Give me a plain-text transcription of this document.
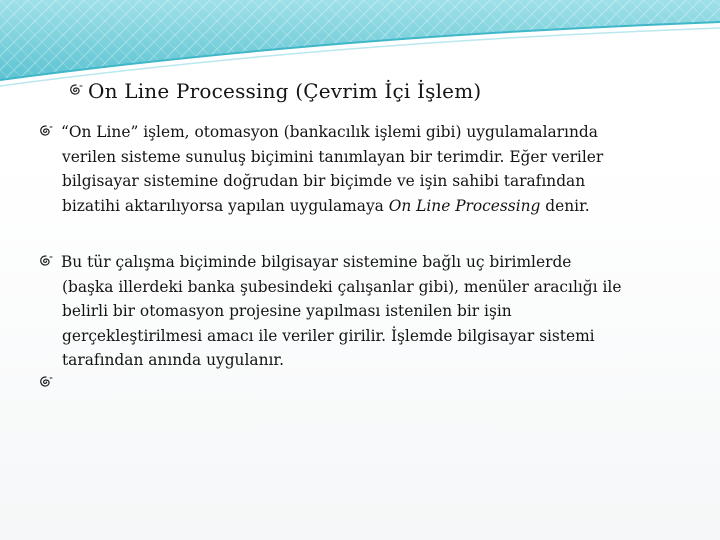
On Line Processing (Çevrim İçi İşlem)
“On Line” işlem, otomasyon (bankacılık işlemi gibi) uygulamalarında
verilen sisteme sunuluş biçimini tanımlayan bir terimdir. Eğer veriler
bilgisayar sistemine doğrudan bir biçimde ve işin sahibi tarafından
bizatihi aktarılıyorsa yapılan uygulamaya On Line Processing denir.
Bu tür çalışma biçiminde bilgisayar sistemine bağlı uç birimlerde
(başka illerdeki banka şubesindeki çalışanlar gibi), menüler aracılığı ile
belirli bir otomasyon projesine yapılması istenilen bir işin
gerçekleştirilmesi amacı ile veriler girilir. İşlemde bilgisayar sistemi
tarafından anında uygulanır.
